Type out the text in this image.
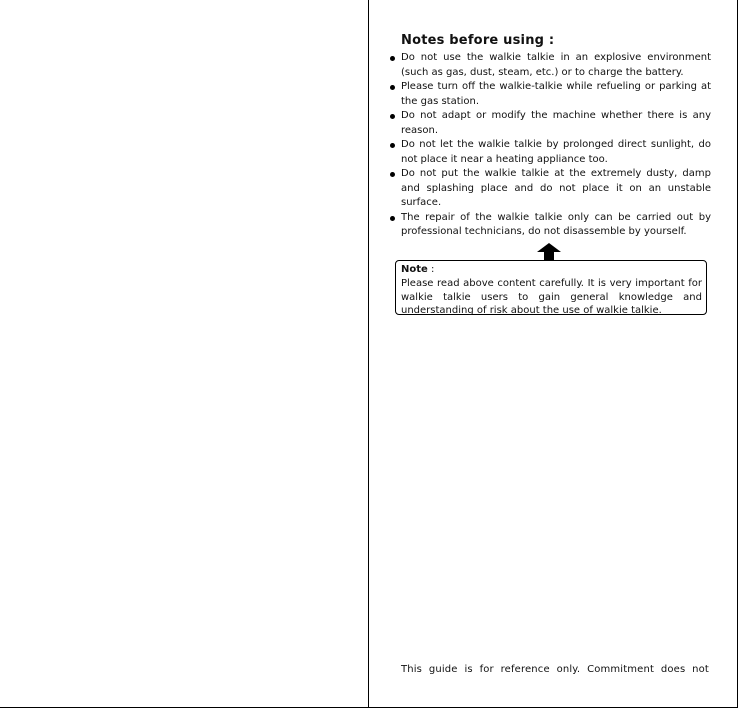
Notes before using :
Do not use the walkie talkie in an explosive environment (such as gas, dust, steam, etc.) or to charge the battery.
Please turn off the walkie-talkie while refueling or parking at the gas station.
Do not adapt or modify the machine whether there is any reason.
Do not let the walkie talkie by prolonged direct sunlight, do not place it near a heating appliance too.
Do not put the walkie talkie at the extremely dusty, damp and splashing place and do not place it on an unstable surface.
The repair of the walkie talkie only can be carried out by professional technicians, do not disassemble by yourself.
Note :
Please read above content carefully. It is very important for walkie talkie users to gain general knowledge and understanding of risk about the use of walkie talkie.
This guide is for reference only. Commitment does not
